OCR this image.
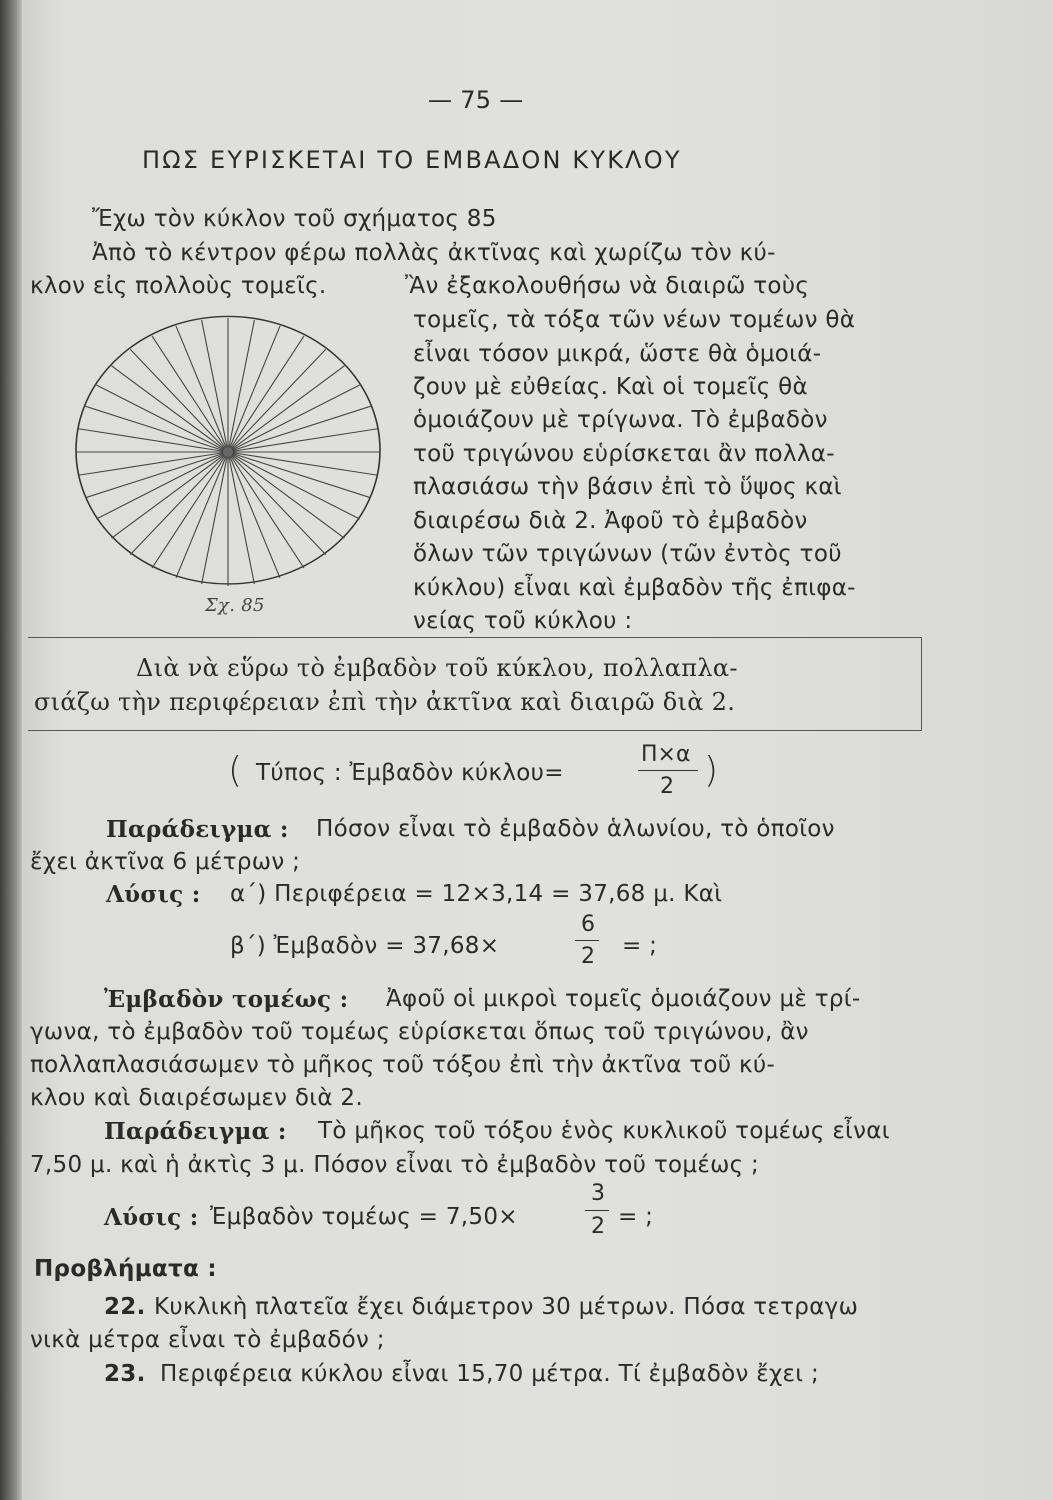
— 75 —
ΠΩΣ ΕΥΡΙΣΚΕΤΑΙ ΤΟ ΕΜΒΑΔΟΝ ΚΥΚΛΟΥ
Ἔχω τὸν κύκλον τοῦ σχήματος 85
Ἀπὸ τὸ κέντρον φέρω πολλὰς ἀκτῖνας καὶ χωρίζω τὸν κύ-
κλον εἰς πολλοὺς τομεῖς.	Ἂν ἐξακολουθήσω νὰ διαιρῶ τοὺς
τομεῖς, τὰ τόξα τῶν νέων τομέων θὰ
εἶναι τόσον μικρά, ὥστε θὰ ὁμοιά-
ζουν μὲ εὐθείας. Καὶ οἱ τομεῖς θὰ
ὁμοιάζουν μὲ τρίγωνα. Τὸ ἐμβαδὸν
τοῦ τριγώνου εὑρίσκεται ἂν πολλα-
πλασιάσω τὴν βάσιν ἐπὶ τὸ ὕψος καὶ
διαιρέσω διὰ 2. Ἀφοῦ τὸ ἐμβαδὸν
ὅλων τῶν τριγώνων (τῶν ἐντὸς τοῦ
κύκλου) εἶναι καὶ ἐμβαδὸν τῆς ἐπιφα-
νείας τοῦ κύκλου :
Σχ. 85
Διὰ νὰ εὕρω τὸ ἐμβαδὸν τοῦ κύκλου, πολλαπλα-
σιάζω τὴν περιφέρειαν ἐπὶ τὴν ἀκτῖνα καὶ διαιρῶ διὰ 2.
( Τύπος : Ἐμβαδὸν κύκλου=
Π×α
2 )
Παράδειγμα : Πόσον εἶναι τὸ ἐμβαδὸν ἁλωνίου, τὸ ὁποῖον
ἔχει ἀκτῖνα 6 μέτρων ;
Λύσις : α΄) Περιφέρεια = 12×3,14 = 37,68 μ. Καὶ
β΄) Ἐμβαδὸν = 37,68×
6
2 = ;
Ἐμβαδὸν τομέως : Ἀφοῦ οἱ μικροὶ τομεῖς ὁμοιάζουν μὲ τρί-
γωνα, τὸ ἐμβαδὸν τοῦ τομέως εὑρίσκεται ὅπως τοῦ τριγώνου, ἂν
πολλαπλασιάσωμεν τὸ μῆκος τοῦ τόξου ἐπὶ τὴν ἀκτῖνα τοῦ κύ-
κλου καὶ διαιρέσωμεν διὰ 2.
Παράδειγμα : Τὸ μῆκος τοῦ τόξου ἑνὸς κυκλικοῦ τομέως εἶναι
7,50 μ. καὶ ἡ ἀκτὶς 3 μ. Πόσον εἶναι τὸ ἐμβαδὸν τοῦ τομέως ;
Λύσις : Ἐμβαδὸν τομέως = 7,50×
3
2 = ;
Προβλήματα :
22. Κυκλικὴ πλατεῖα ἔχει διάμετρον 30 μέτρων. Πόσα τετραγω
νικὰ μέτρα εἶναι τὸ ἐμβαδόν ;
23. Περιφέρεια κύκλου εἶναι 15,70 μέτρα. Τί ἐμβαδὸν ἔχει ;
